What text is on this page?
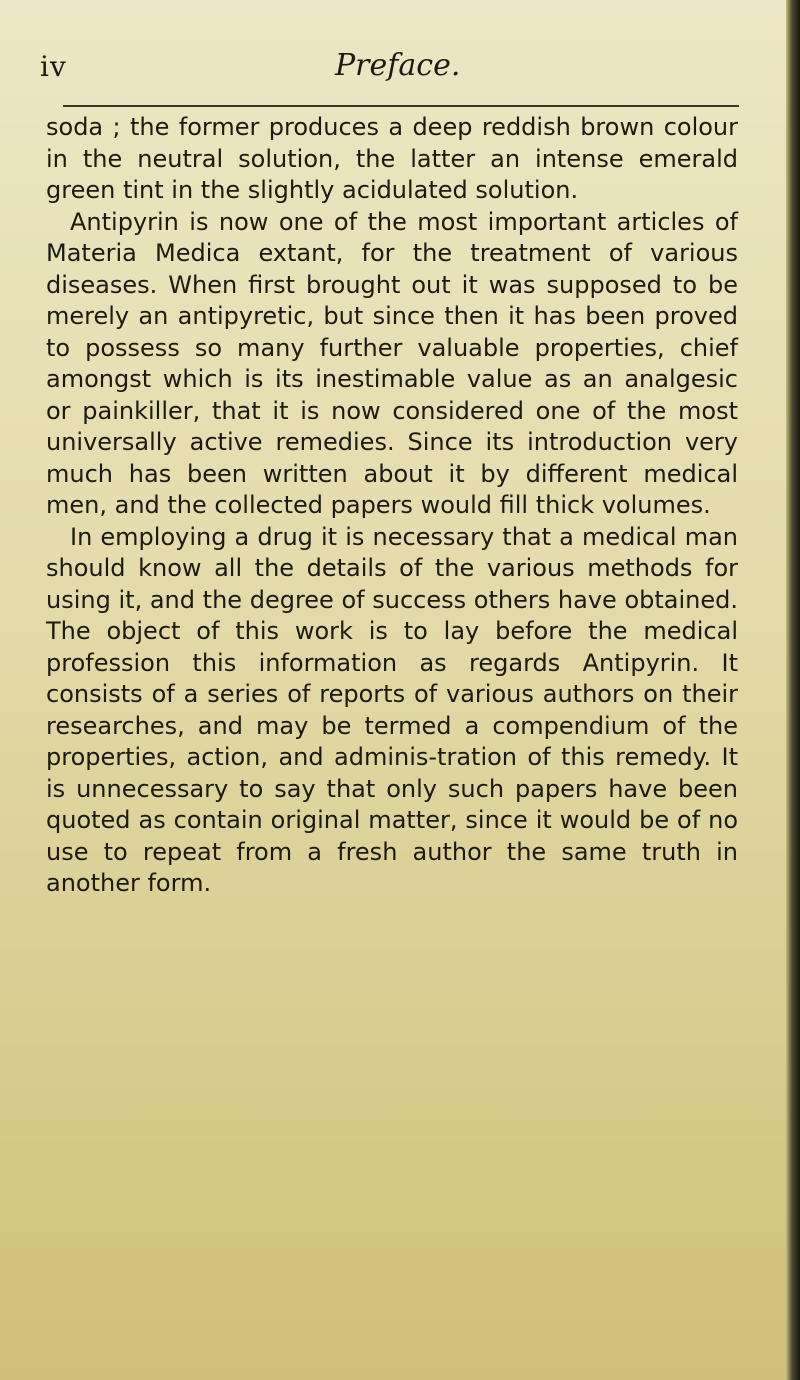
iv	Preface.

soda ; the former produces a deep reddish brown colour in the neutral solution, the latter an intense emerald green tint in the slightly acidulated solution.

Antipyrin is now one of the most important articles of Materia Medica extant, for the treatment of various diseases. When first brought out it was supposed to be merely an antipyretic, but since then it has been proved to possess so many further valuable properties, chief amongst which is its inestimable value as an analgesic or painkiller, that it is now considered one of the most universally active remedies. Since its introduction very much has been written about it by different medical men, and the collected papers would fill thick volumes.

In employing a drug it is necessary that a medical man should know all the details of the various methods for using it, and the degree of success others have obtained. The object of this work is to lay before the medical profession this information as regards Antipyrin. It consists of a series of reports of various authors on their researches, and may be termed a compendium of the properties, action, and adminis-tration of this remedy. It is unnecessary to say that only such papers have been quoted as contain original matter, since it would be of no use to repeat from a fresh author the same truth in another form.
